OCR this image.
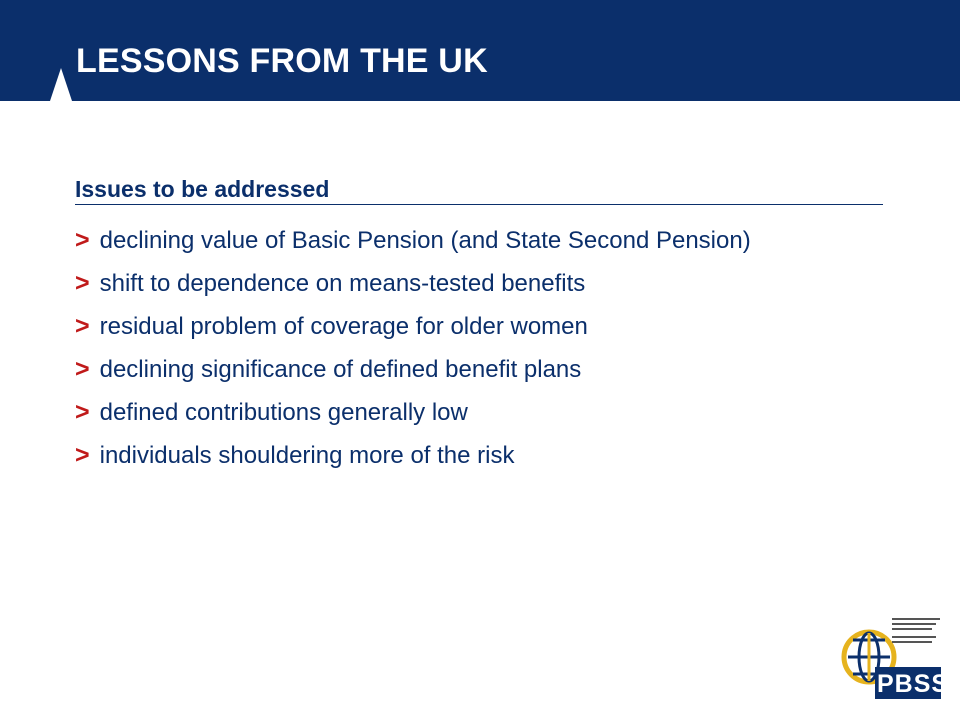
LESSONS FROM THE UK
Issues to be addressed
> declining value of Basic Pension (and State Second Pension)
> shift to dependence on means-tested benefits
> residual problem of coverage for older women
> declining significance of defined benefit plans
> defined contributions generally low
> individuals shouldering more of the risk
PBSS
